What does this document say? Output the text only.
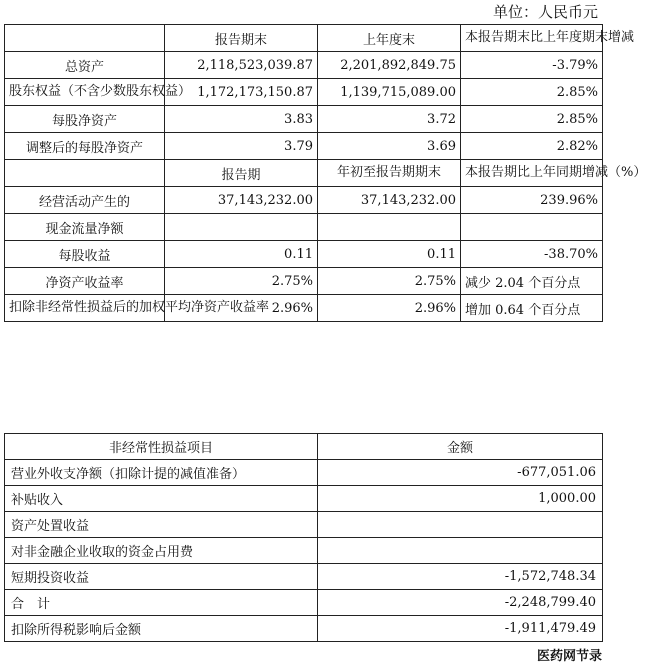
单位：人民币元
	报告期末	上年度末	本报告期末比上年度期末增减
总资产	2,118,523,039.87	2,201,892,849.75	-3.79%
股东权益（不含少数股东权益）	1,172,173,150.87	1,139,715,089.00	2.85%
每股净资产	3.83	3.72	2.85%
调整后的每股净资产	3.79	3.69	2.82%
	报告期	年初至报告期期末	本报告期比上年同期增减（%）
经营活动产生的	37,143,232.00	37,143,232.00	239.96%
现金流量净额			
每股收益	0.11	0.11	-38.70%
净资产收益率	2.75%	2.75%	减少 2.04 个百分点
扣除非经常性损益后的加权平均净资产收益率	2.96%	2.96%	增加 0.64 个百分点
非经常性损益项目	金额
营业外收支净额（扣除计提的减值准备）	-677,051.06
补贴收入	1,000.00
资产处置收益	
对非金融企业收取的资金占用费	
短期投资收益	-1,572,748.34
合　计	-2,248,799.40
扣除所得税影响后金额	-1,911,479.49
医药网节录
